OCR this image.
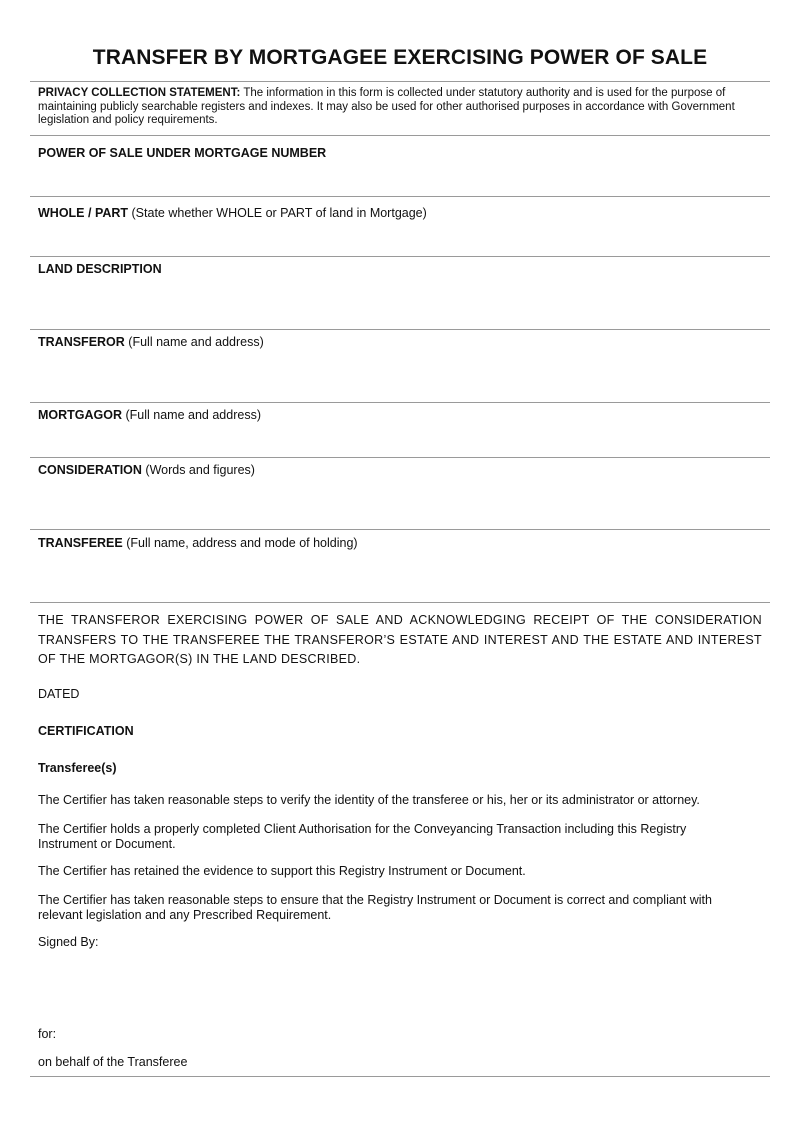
TRANSFER BY MORTGAGEE EXERCISING POWER OF SALE
PRIVACY COLLECTION STATEMENT: The information in this form is collected under statutory authority and is used for the purpose of maintaining publicly searchable registers and indexes. It may also be used for other authorised purposes in accordance with Government legislation and policy requirements.
POWER OF SALE UNDER MORTGAGE NUMBER
WHOLE / PART (State whether WHOLE or PART of land in Mortgage)
LAND DESCRIPTION
TRANSFEROR (Full name and address)
MORTGAGOR (Full name and address)
CONSIDERATION (Words and figures)
TRANSFEREE (Full name, address and mode of holding)
THE TRANSFEROR EXERCISING POWER OF SALE AND ACKNOWLEDGING RECEIPT OF THE CONSIDERATION TRANSFERS TO THE TRANSFEREE THE TRANSFEROR’S ESTATE AND INTEREST AND THE ESTATE AND INTEREST OF THE MORTGAGOR(S) IN THE LAND DESCRIBED.
DATED
CERTIFICATION
Transferee(s)
The Certifier has taken reasonable steps to verify the identity of the transferee or his, her or its administrator or attorney.
The Certifier holds a properly completed Client Authorisation for the Conveyancing Transaction including this Registry Instrument or Document.
The Certifier has retained the evidence to support this Registry Instrument or Document.
The Certifier has taken reasonable steps to ensure that the Registry Instrument or Document is correct and compliant with relevant legislation and any Prescribed Requirement.
Signed By:
for:
on behalf of the Transferee
